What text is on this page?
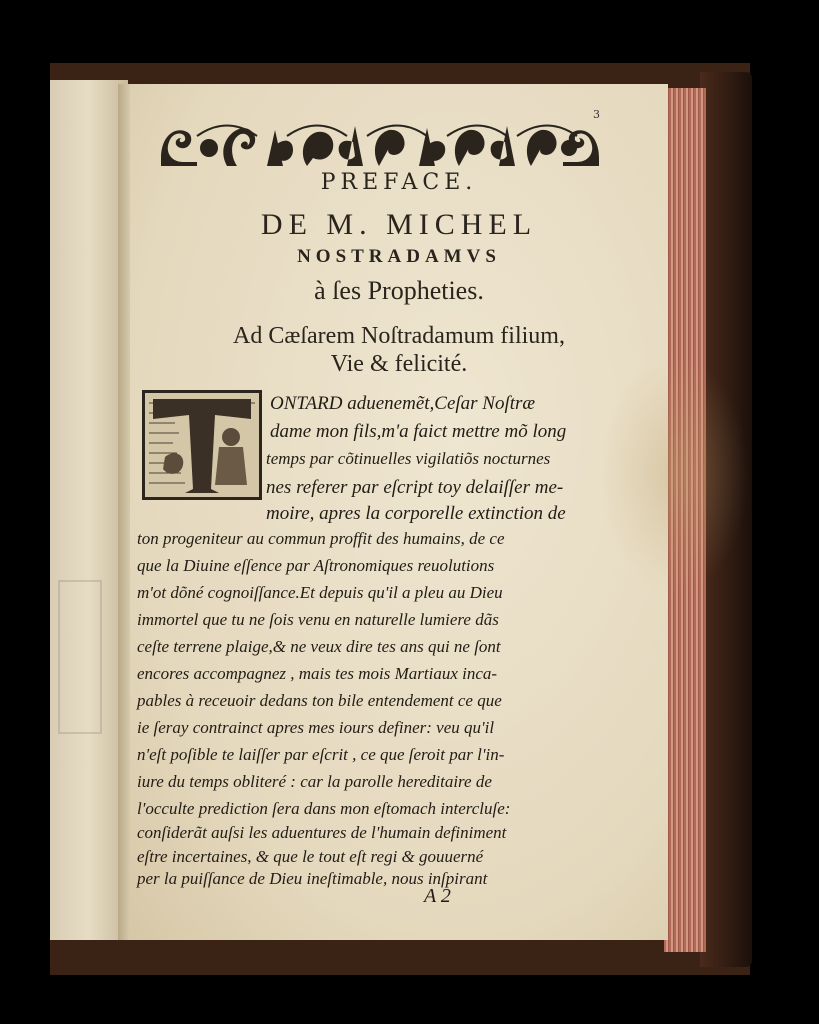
3
PREFACE.
DE M. MICHEL
NOSTRADAMVS
à ſes Propheties.
Ad Cæſarem Noſtradamum filium,
Vie & felicité.
ONTARD aduenemẽt,Ceſar Noſtræ
dame mon fils,m'a faict mettre mõ long
temps par cõtinuelles vigilatiõs nocturnes
nes referer par eſcript toy delaiſſer me-
moire, apres la corporelle extinction de
ton progeniteur au commun proffit des humains, de ce
que la Diuine eſſence par Aſtronomiques reuolutions
m'ot dõné cognoiſſance.Et depuis qu'il a pleu au Dieu
immortel que tu ne ſois venu en naturelle lumiere dãs
ceſte terrene plaige,& ne veux dire tes ans qui ne ſont
encores accompagnez , mais tes mois Martiaux inca-
pables à receuoir dedans ton bile entendement ce que
ie ſeray contrainct apres mes iours definer: veu qu'il
n'eſt poſible te laiſſer par eſcrit , ce que ſeroit par l'in-
iure du temps obliteré : car la parolle hereditaire de
l'occulte prediction ſera dans mon eſtomach intercluſe:
conſiderãt auſsi les aduentures de l'humain definiment
eſtre incertaines, & que le tout eſt regi & gouuerné
per la puiſſance de Dieu ineſtimable, nous inſpirant
A 2
